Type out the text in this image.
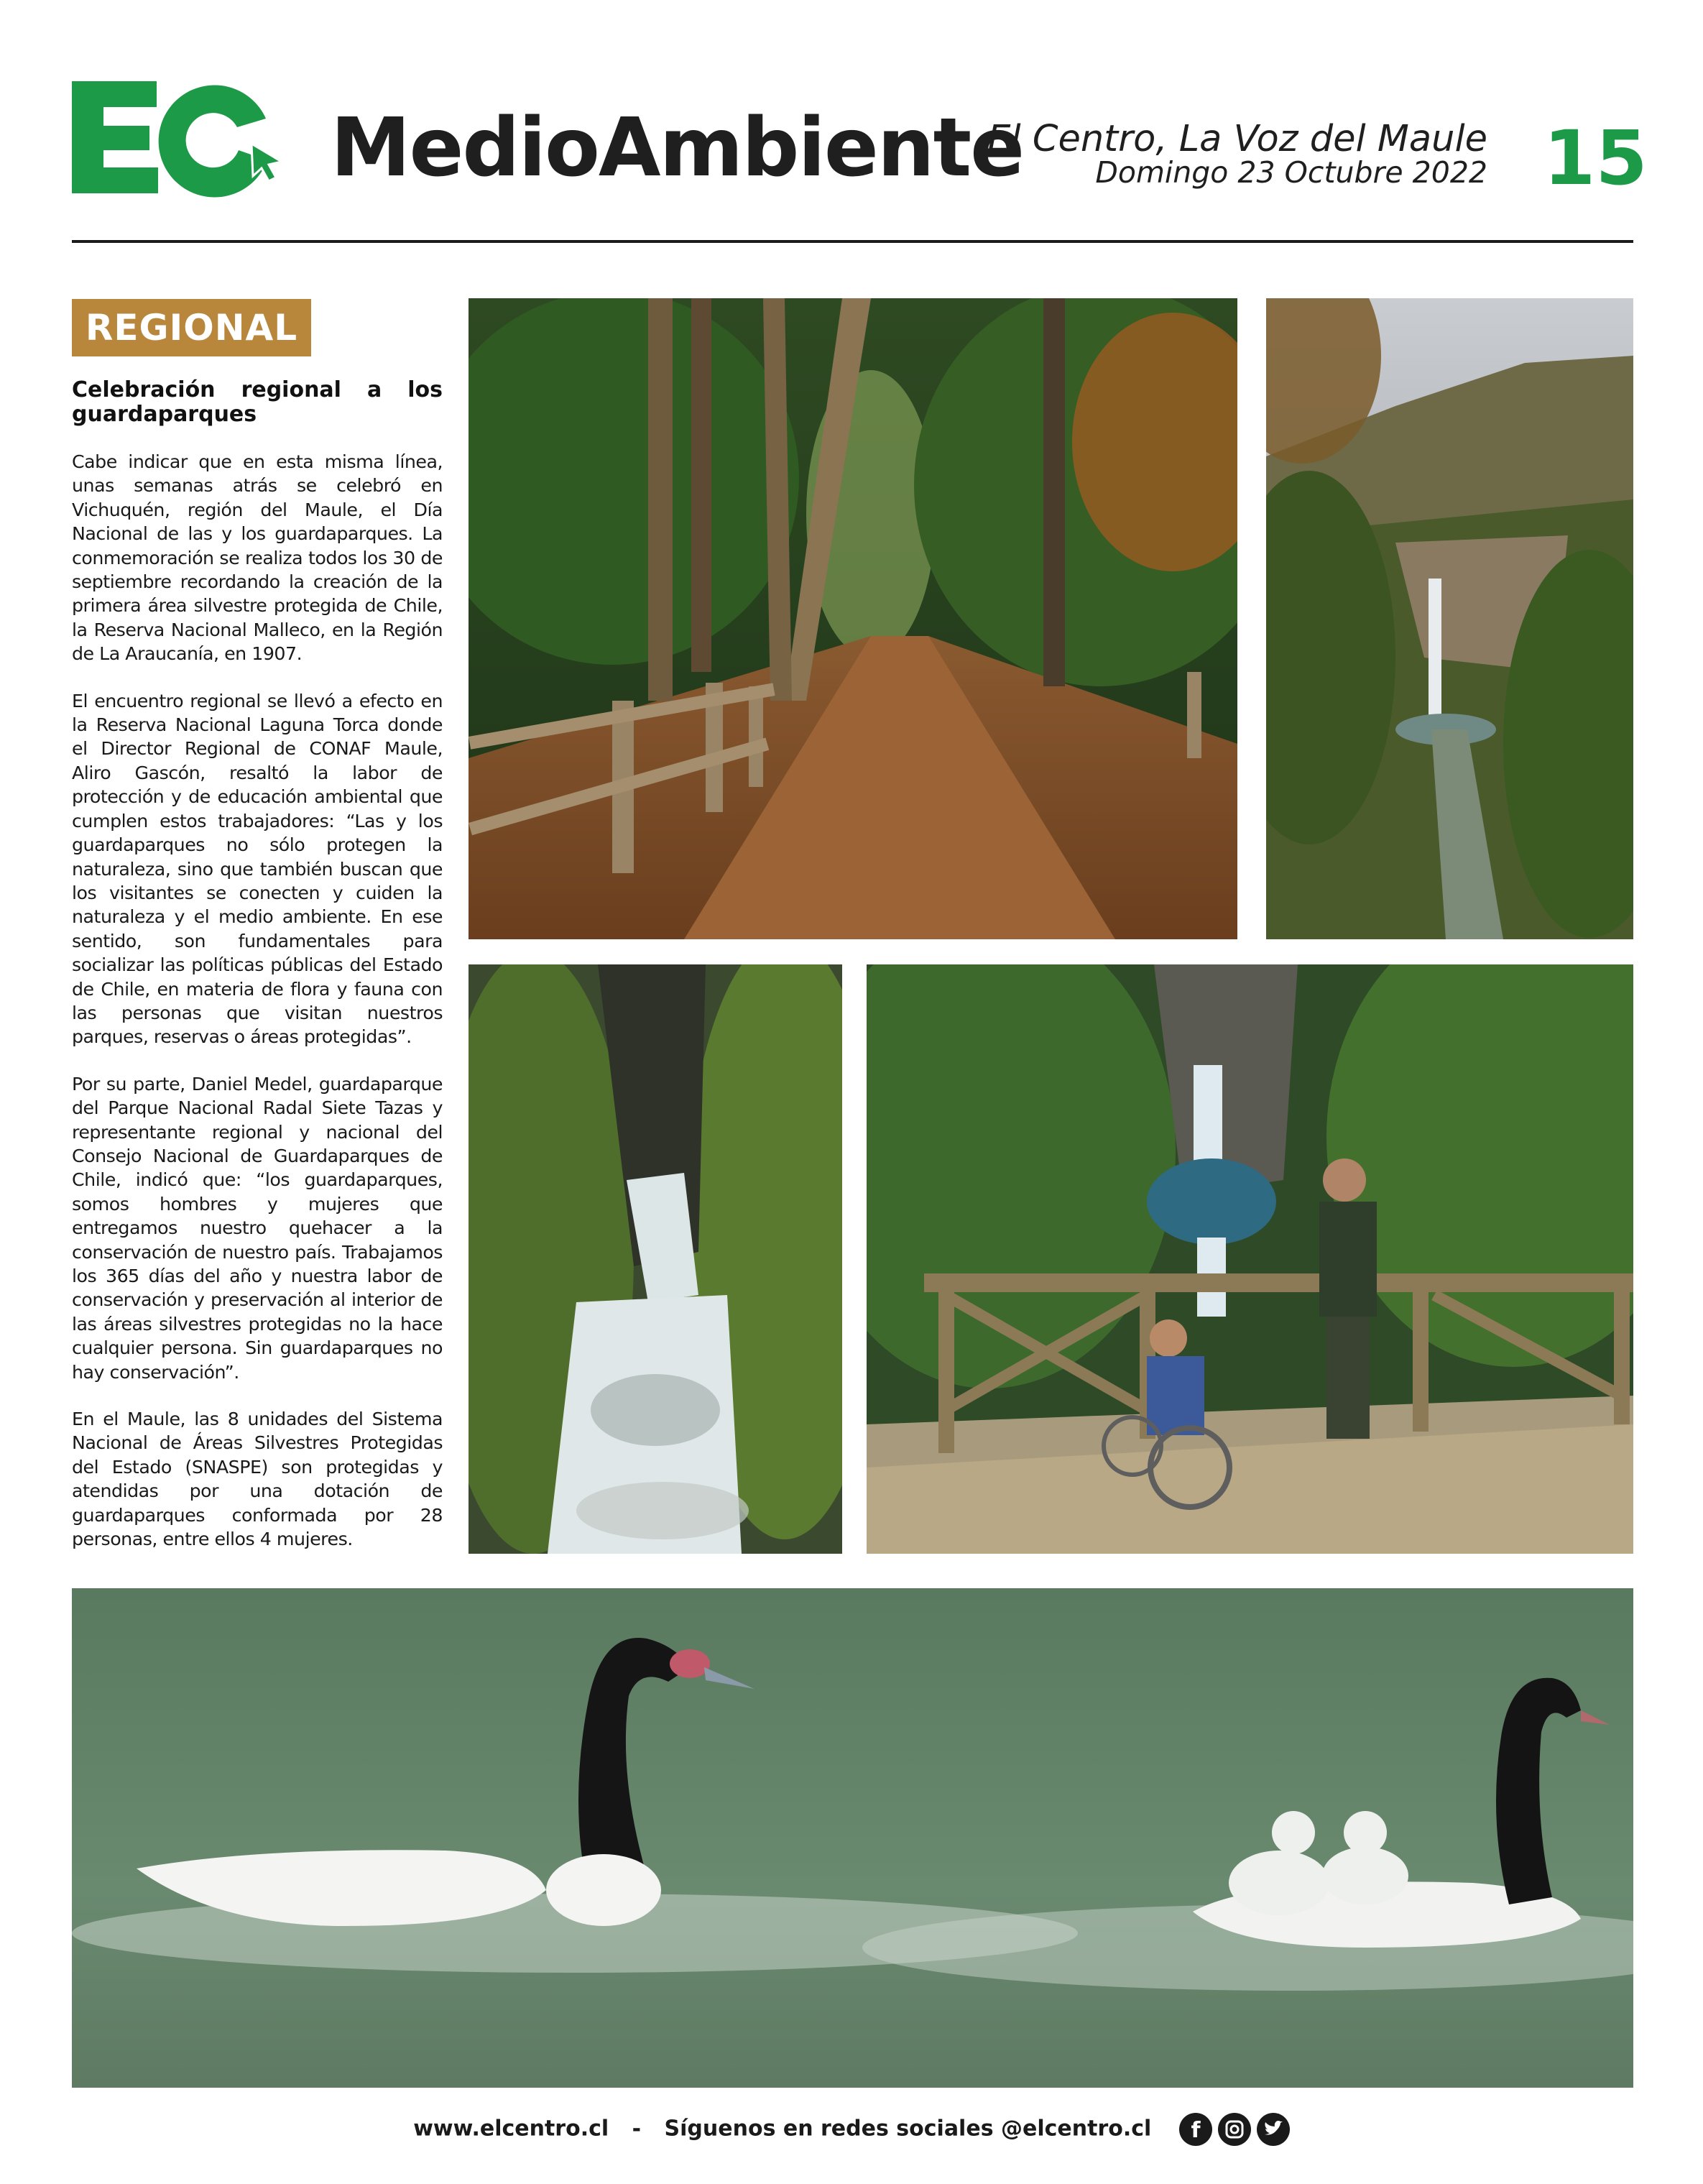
MedioAmbiente
El Centro, La Voz del Maule
Domingo 23 Octubre 2022 15
REGIONAL
Celebración regional a los guardaparques

Cabe indicar que en esta misma línea, unas semanas atrás se celebró en Vichuquén, región del Maule, el Día Nacional de las y los guardaparques. La conmemoración se realiza todos los 30 de septiembre recordando la creación de la primera área silvestre protegida de Chile, la Reserva Nacional Malleco, en la Región de La Araucanía, en 1907.

El encuentro regional se llevó a efecto en la Reserva Nacional Laguna Torca donde el Director Regional de CONAF Maule, Aliro Gascón, resaltó la labor de protección y de educación ambiental que cumplen estos trabajadores: “Las y los guardaparques no sólo protegen la naturaleza, sino que también buscan que los visitantes se conecten y cuiden la naturaleza y el medio ambiente. En ese sentido, son fundamentales para socializar las políticas públicas del Estado de Chile, en materia de flora y fauna con las personas que visitan nuestros parques, reservas o áreas protegidas”.

Por su parte, Daniel Medel, guardaparque del Parque Nacional Radal Siete Tazas y representante regional y nacional del Consejo Nacional de Guardaparques de Chile, indicó que: “los guardaparques, somos hombres y mujeres que entregamos nuestro quehacer a la conservación de nuestro país. Trabajamos los 365 días del año y nuestra labor de conservación y preservación al interior de las áreas silvestres protegidas no la hace cualquier persona. Sin guardaparques no hay conservación”.

En el Maule, las 8 unidades del Sistema Nacional de Áreas Silvestres Protegidas del Estado (SNASPE) son protegidas y atendidas por una dotación de guardaparques conformada por 28 personas, entre ellos 4 mujeres.

www.elcentro.cl - Síguenos en redes sociales @elcentro.cl f
